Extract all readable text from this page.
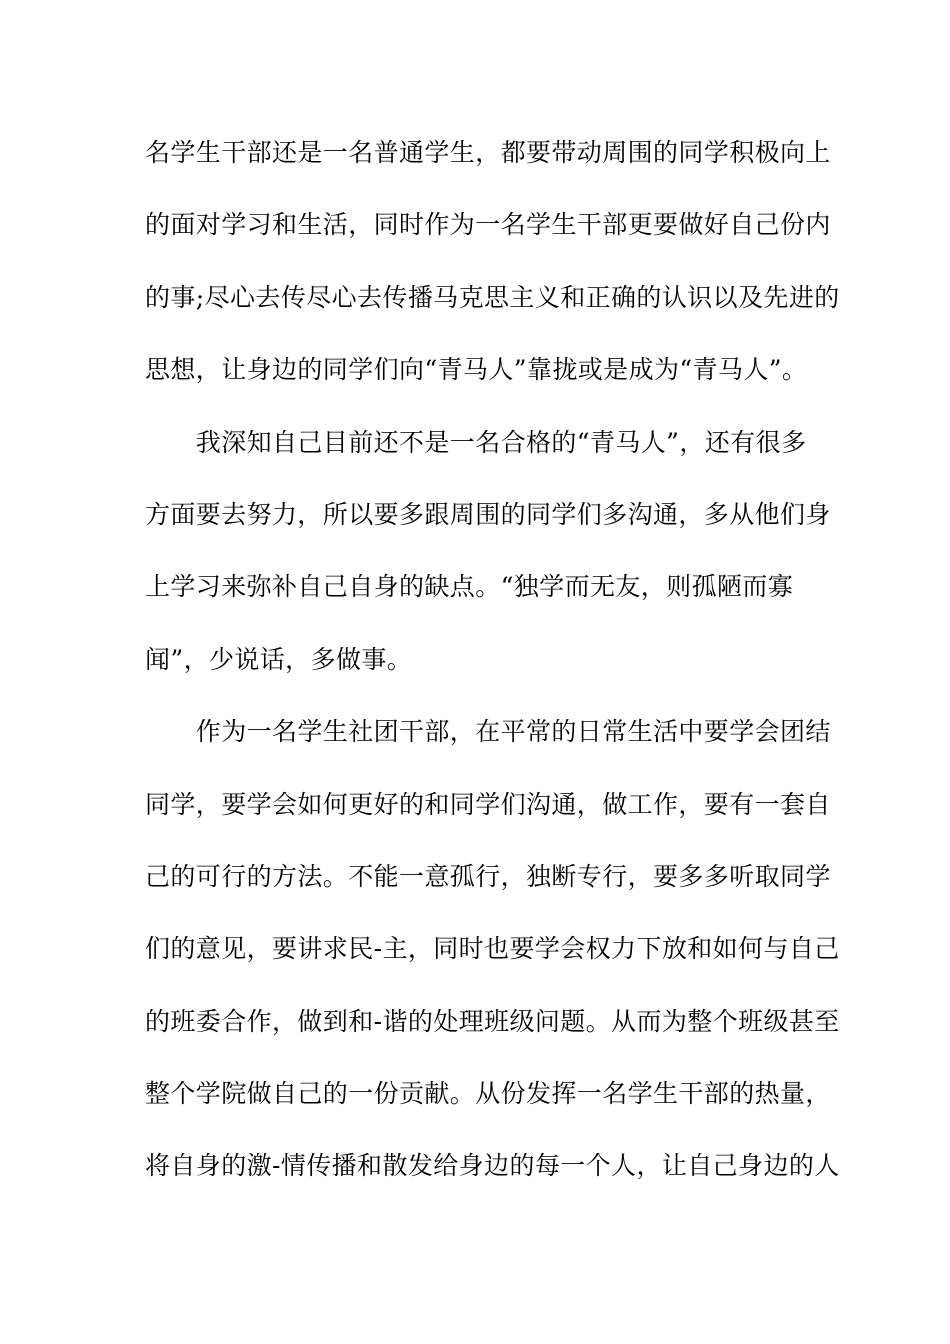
名学生干部还是一名普通学生，都要带动周围的同学积极向上
的面对学习和生活，同时作为一名学生干部更要做好自己份内
的事;尽心去传尽心去传播马克思主义和正确的认识以及先进的
思想，让身边的同学们向“青马人”靠拢或是成为“青马人”。
　　我深知自己目前还不是一名合格的“青马人”，还有很多
方面要去努力，所以要多跟周围的同学们多沟通，多从他们身
上学习来弥补自己自身的缺点。“独学而无友，则孤陋而寡
闻”，少说话，多做事。
　　作为一名学生社团干部，在平常的日常生活中要学会团结
同学，要学会如何更好的和同学们沟通，做工作，要有一套自
己的可行的方法。不能一意孤行，独断专行，要多多听取同学
们的意见，要讲求民-主，同时也要学会权力下放和如何与自己
的班委合作，做到和-谐的处理班级问题。从而为整个班级甚至
整个学院做自己的一份贡献。从份发挥一名学生干部的热量，
将自身的激-情传播和散发给身边的每一个人，让自己身边的人
